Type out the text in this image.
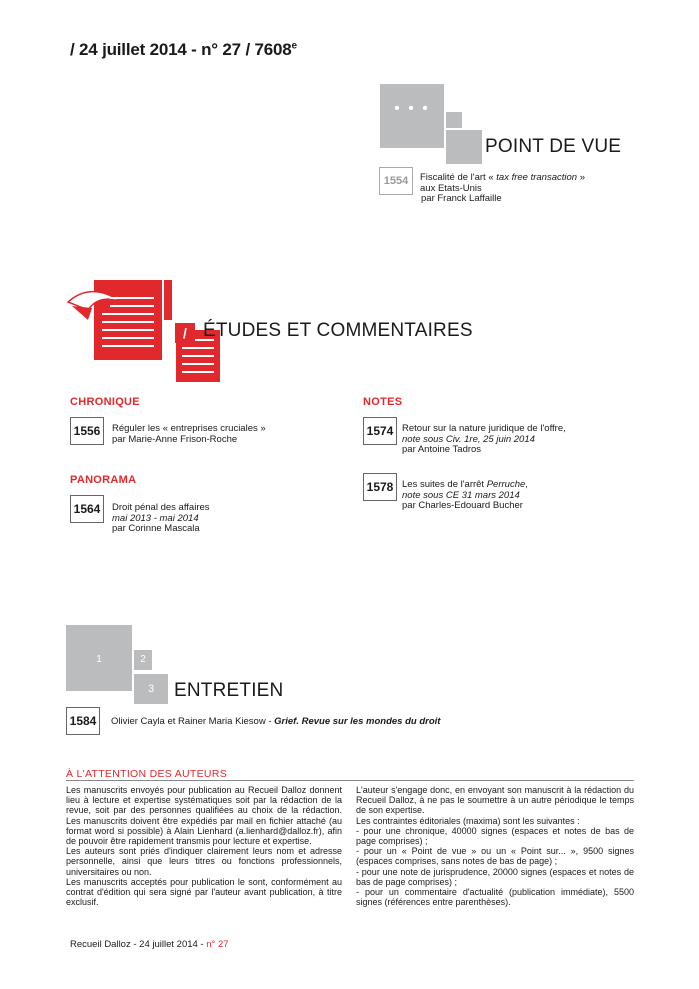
/ 24 juillet 2014 - n° 27 / 7608e
• • •
POINT DE VUE
1554	Fiscalité de l'art « tax free transaction »
aux Etats-Unis
par Franck Laffaille
/ ÉTUDES ET COMMENTAIRES
CHRONIQUE
1556	Réguler les « entreprises cruciales »
par Marie-Anne Frison-Roche
PANORAMA
1564	Droit pénal des affaires
mai 2013 - mai 2014
par Corinne Mascala
NOTES
1574 Retour sur la nature juridique de l'offre,
note sous Civ. 1re, 25 juin 2014
par Antoine Tadros
1578 Les suites de l'arrêt Perruche,
note sous CE 31 mars 2014
par Charles-Edouard Bucher
1	2
3	ENTRETIEN
1584	Olivier Cayla et Rainer Maria Kiesow - Grief. Revue sur les mondes du droit
À L'ATTENTION DES AUTEURS
Les manuscrits envoyés pour publication au Recueil Dalloz donnent lieu à lecture et expertise systématiques soit par la rédaction de la revue, soit par des personnes qualifiées au choix de la rédaction. Les manuscrits doivent être expédiés par mail en fichier attaché (au format word si possible) à Alain Lienhard (a.lienhard@dalloz.fr), afin de pouvoir être rapidement transmis pour lecture et expertise.
Les auteurs sont priés d'indiquer clairement leurs nom et adresse personnelle, ainsi que leurs titres ou fonctions professionnels, universitaires ou non.
Les manuscrits acceptés pour publication le sont, conformément au contrat d'édition qui sera signé par l'auteur avant publication, à titre exclusif.
L'auteur s'engage donc, en envoyant son manuscrit à la rédaction du Recueil Dalloz, à ne pas le soumettre à un autre périodique le temps de son expertise.
Les contraintes éditoriales (maxima) sont les suivantes :
- pour une chronique, 40000 signes (espaces et notes de bas de page comprises) ;
- pour un « Point de vue » ou un « Point sur... », 9500 signes (espaces comprises, sans notes de bas de page) ;
- pour une note de jurisprudence, 20000 signes (espaces et notes de bas de page comprises) ;
- pour un commentaire d'actualité (publication immédiate), 5500 signes (références entre parenthèses).
Recueil Dalloz - 24 juillet 2014 - n° 27
